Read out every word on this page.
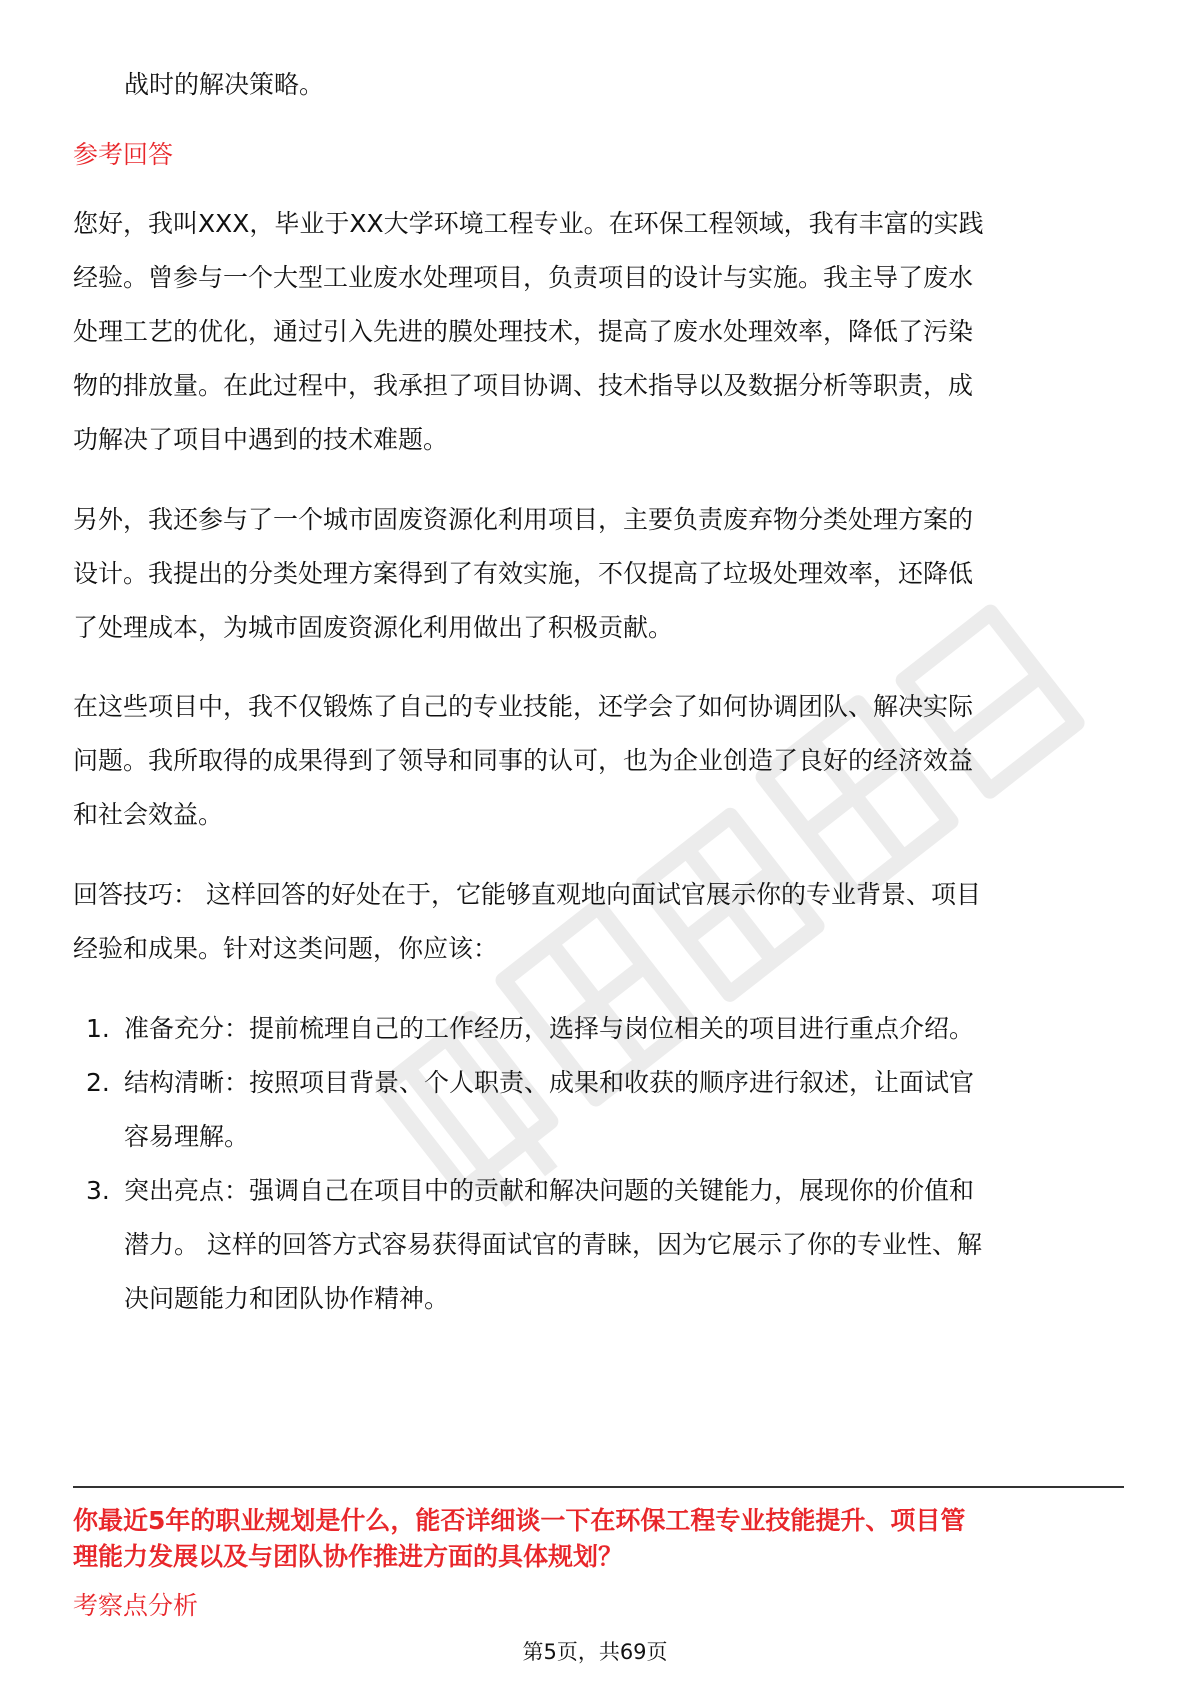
战时的解决策略。
参考回答
您好，我叫XXX，毕业于XX大学环境工程专业。在环保工程领域，我有丰富的实践
经验。曾参与一个大型工业废水处理项目，负责项目的设计与实施。我主导了废水
处理工艺的优化，通过引入先进的膜处理技术，提高了废水处理效率，降低了污染
物的排放量。在此过程中，我承担了项目协调、技术指导以及数据分析等职责，成
功解决了项目中遇到的技术难题。
另外，我还参与了一个城市固废资源化利用项目，主要负责废弃物分类处理方案的
设计。我提出的分类处理方案得到了有效实施，不仅提高了垃圾处理效率，还降低
了处理成本，为城市固废资源化利用做出了积极贡献。
在这些项目中，我不仅锻炼了自己的专业技能，还学会了如何协调团队、解决实际
问题。我所取得的成果得到了领导和同事的认可，也为企业创造了良好的经济效益
和社会效益。
回答技巧： 这样回答的好处在于，它能够直观地向面试官展示你的专业背景、项目
经验和成果。针对这类问题，你应该：
1. 准备充分：提前梳理自己的工作经历，选择与岗位相关的项目进行重点介绍。
2. 结构清晰：按照项目背景、个人职责、成果和收获的顺序进行叙述，让面试官
容易理解。
3. 突出亮点：强调自己在项目中的贡献和解决问题的关键能力，展现你的价值和
潜力。 这样的回答方式容易获得面试官的青睐，因为它展示了你的专业性、解
决问题能力和团队协作精神。
你最近5年的职业规划是什么，能否详细谈一下在环保工程专业技能提升、项目管
理能力发展以及与团队协作推进方面的具体规划？
考察点分析
第5页，共69页
